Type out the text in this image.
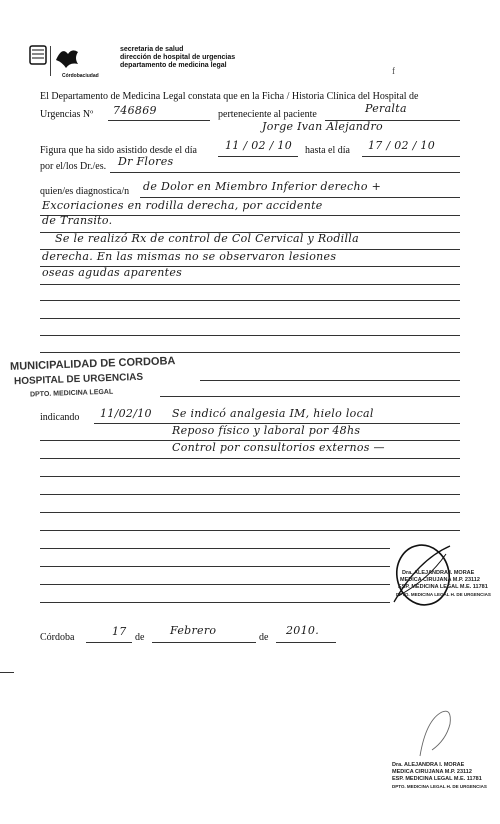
Córdobaciudad
secretaria de salud
dirección de hospital de urgencias
departamento de medicina legal
f
El Departamento de Medicina Legal constata que en la Ficha / Historia Clínica del Hospital de
Urgencias Nº 746869	perteneciente al paciente	Peralta
Jorge Ivan Alejandro
Figura que ha sido asistido desde el día	11 / 02 / 10 hasta el día 17 / 02 / 10
por el/los Dr./es. Dr Flores
quien/es diagnostica/n de Dolor en Miembro Inferior derecho +
Excoriaciones en rodilla derecha, por accidente
de Transito.
Se le realizó Rx de control de Col Cervical y Rodilla
derecha. En las mismas no se observaron lesiones
oseas agudas aparentes
MUNICIPALIDAD DE CORDOBA
HOSPITAL DE URGENCIAS
DPTO. MEDICINA LEGAL
indicando 11/02/10 Se indicó analgesia IM, hielo local
Reposo físico y laboral por 48hs
Control por consultorios externos —
Dra. ALEJANDRA I. MORAE
MEDICA CIRUJANA M.P. 23112
ESP. MEDICINA LEGAL M.E. 11781
DPTO. MEDICINA LEGAL H. DE URGENCIAS
Córdoba	17 de
Febrero
de
2010.
Dra. ALEJANDRA I. MORAE
MEDICA CIRUJANA M.P. 23112
ESP. MEDICINA LEGAL M.E. 11781
DPTO. MEDICINA LEGAL H. DE URGENCIAS
